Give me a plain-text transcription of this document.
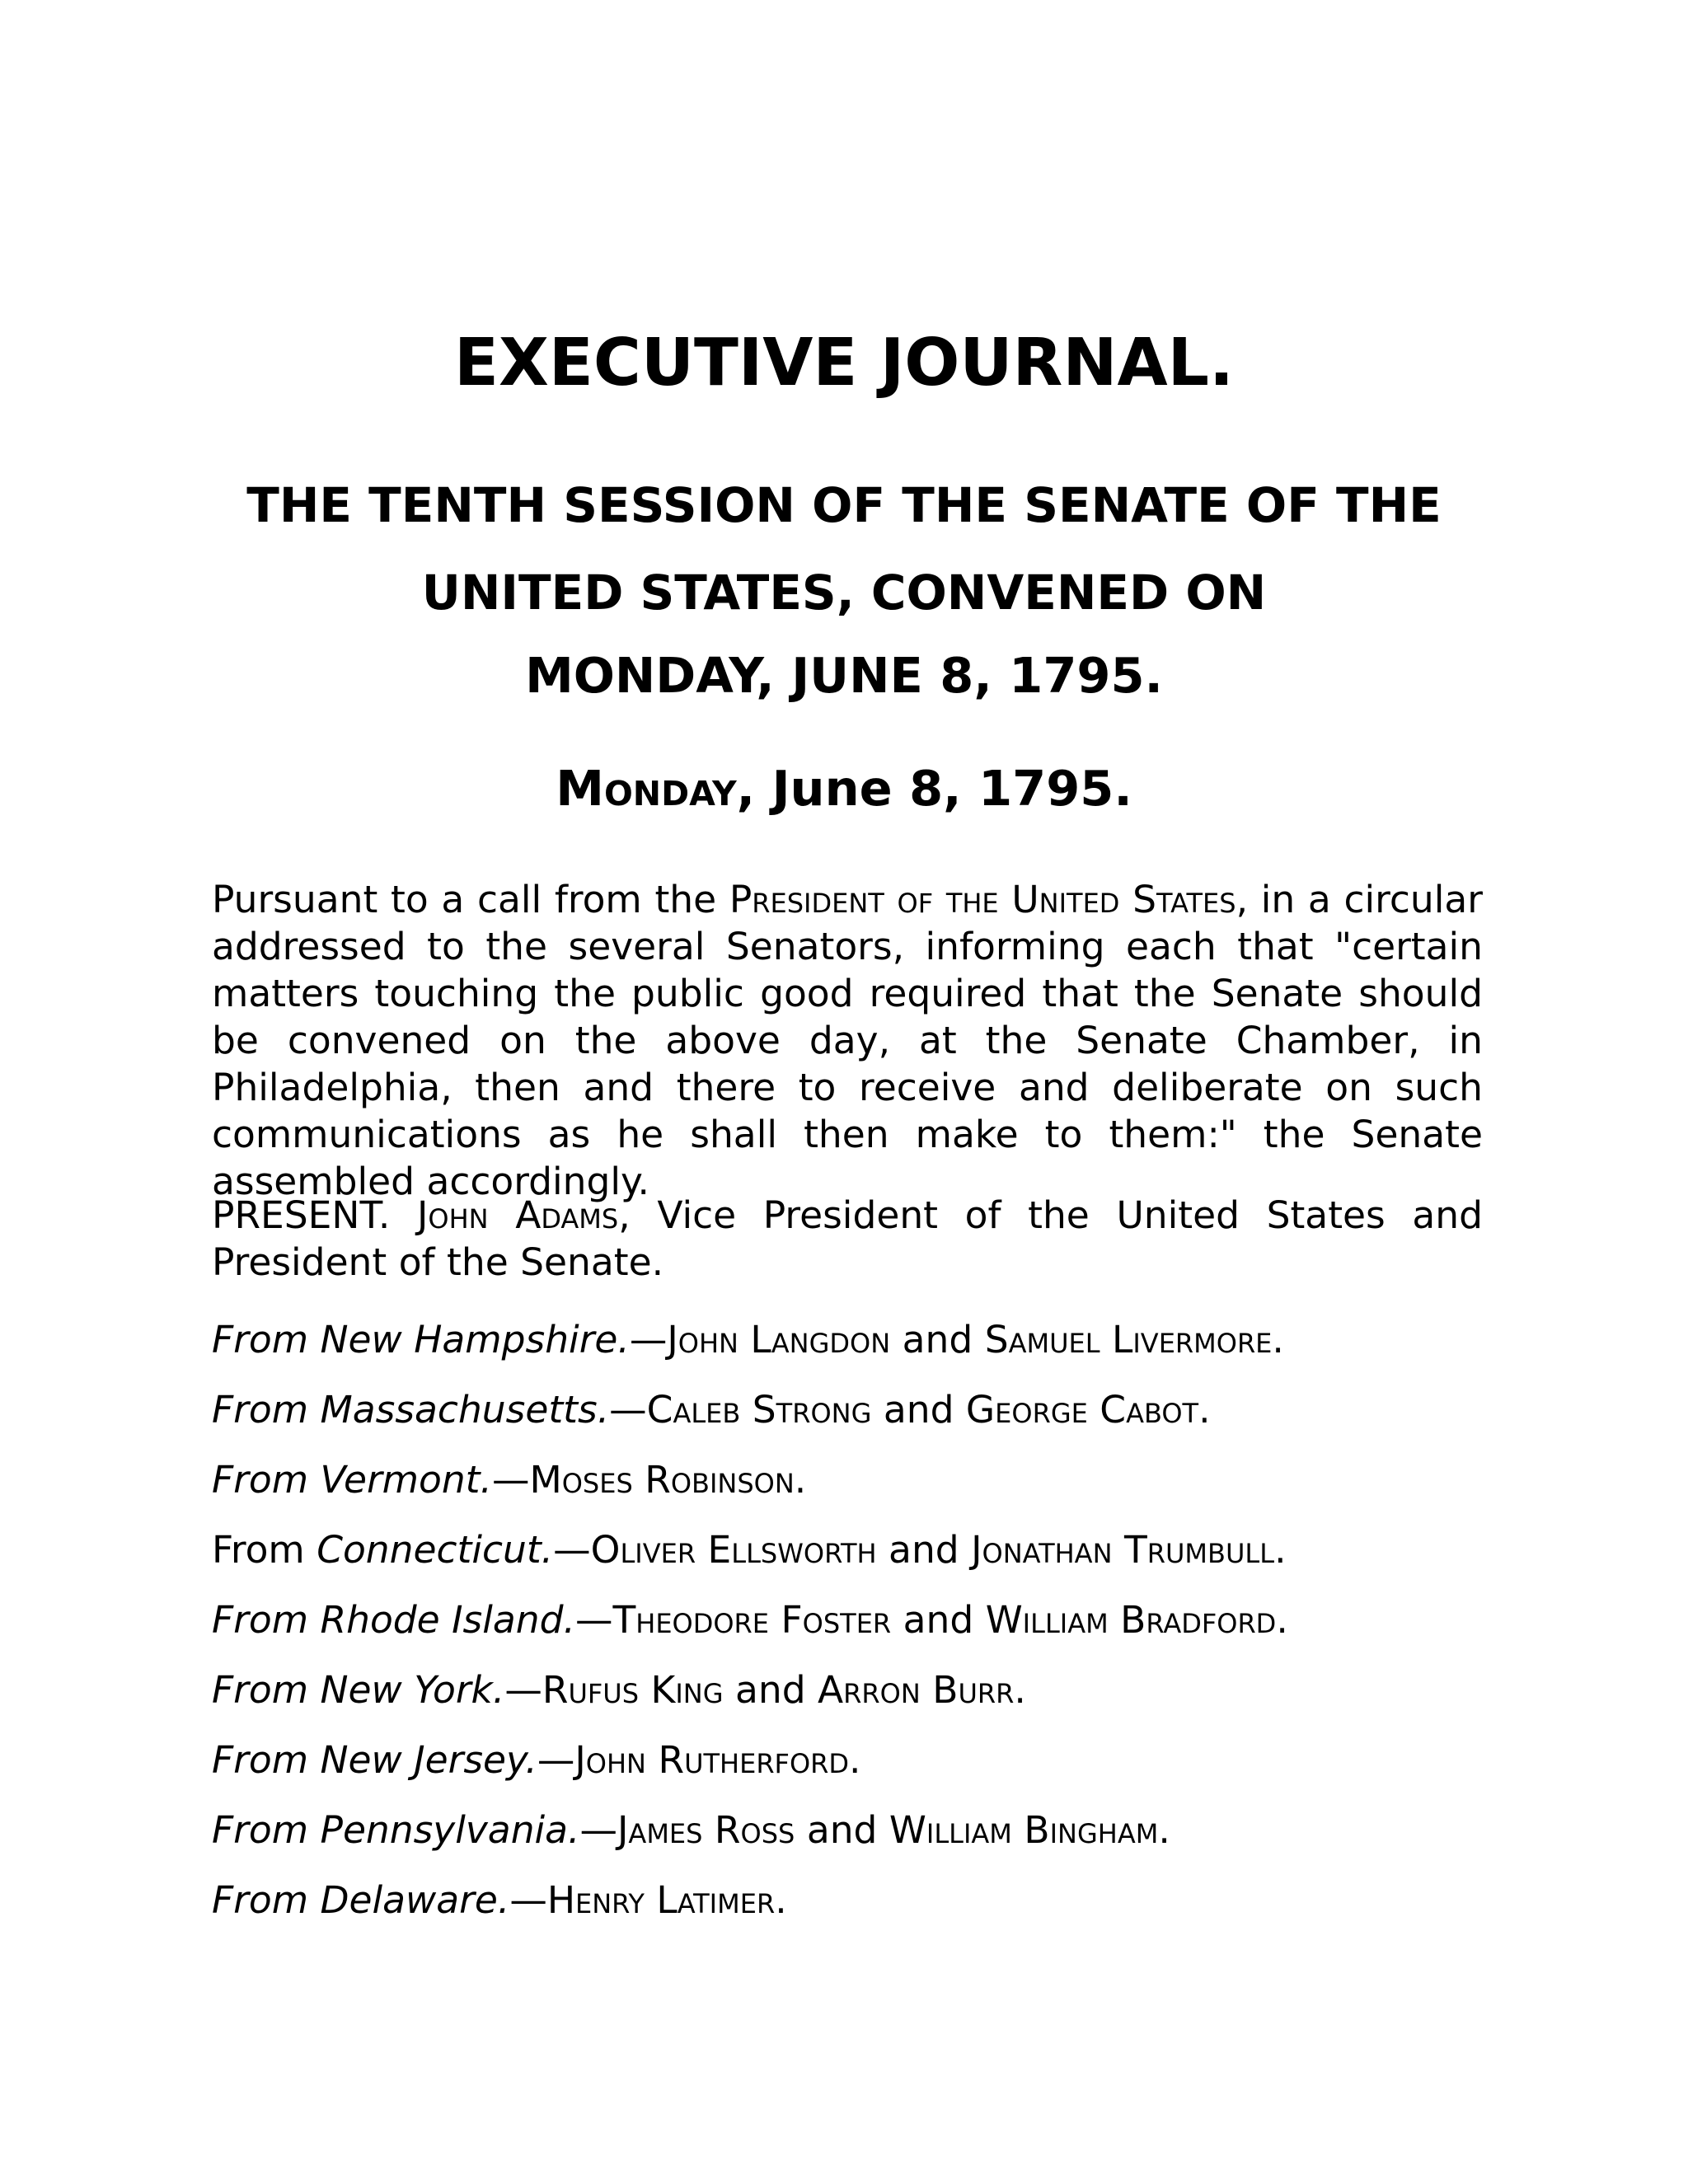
EXECUTIVE JOURNAL.
THE TENTH SESSION OF THE SENATE OF THE UNITED STATES, CONVENED ON
MONDAY, JUNE 8, 1795.
Monday, June 8, 1795.
Pursuant to a call from the President of the United States, in a circular addressed to the several Senators, informing each that "certain matters touching the public good required that the Senate should be convened on the above day, at the Senate Chamber, in Philadelphia, then and there to receive and deliberate on such communications as he shall then make to them:" the Senate assembled accordingly.
PRESENT. John Adams, Vice President of the United States and President of the Senate.
From New Hampshire.—John Langdon and Samuel Livermore.
From Massachusetts.—Caleb Strong and George Cabot.
From Vermont.—Moses Robinson.
From Connecticut.—Oliver Ellsworth and Jonathan Trumbull.
From Rhode Island.—Theodore Foster and William Bradford.
From New York.—Rufus King and Arron Burr.
From New Jersey.—John Rutherford.
From Pennsylvania.—James Ross and William Bingham.
From Delaware.—Henry Latimer.
